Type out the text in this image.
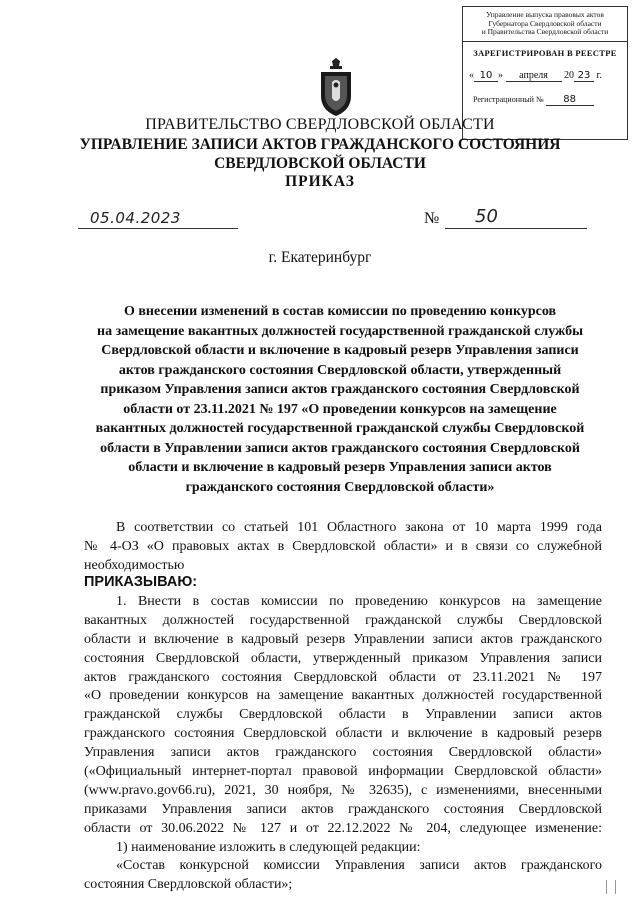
Управление выпуска правовых актов
Губернатора Свердловской области
и Правительства Свердловской области
ЗАРЕГИСТРИРОВАН В РЕЕСТРЕ
« 10 » апреля 20 23 г.
Регистрационный № 88
ПРАВИТЕЛЬСТВО СВЕРДЛОВСКОЙ ОБЛАСТИ
УПРАВЛЕНИЕ ЗАПИСИ АКТОВ ГРАЖДАНСКОГО СОСТОЯНИЯ
СВЕРДЛОВСКОЙ ОБЛАСТИ
ПРИКАЗ
05.04.2023	№ 50
г. Екатеринбург
О внесении изменений в состав комиссии по проведению конкурсов
на замещение вакантных должностей государственной гражданской службы
Свердловской области и включение в кадровый резерв Управления записи
актов гражданского состояния Свердловской области, утвержденный
приказом Управления записи актов гражданского состояния Свердловской
области от 23.11.2021 № 197 «О проведении конкурсов на замещение
вакантных должностей государственной гражданской службы Свердловской
области в Управлении записи актов гражданского состояния Свердловской
области и включение в кадровый резерв Управления записи актов
гражданского состояния Свердловской области»
В соответствии со статьей 101 Областного закона от 10 марта 1999 года
№ 4-ОЗ «О правовых актах в Свердловской области» и в связи со служебной
необходимостью
ПРИКАЗЫВАЮ:
1. Внести в состав комиссии по проведению конкурсов на замещение
вакантных должностей государственной гражданской службы Свердловской
области и включение в кадровый резерв Управлении записи актов гражданского
состояния Свердловской области, утвержденный приказом Управления записи
актов гражданского состояния Свердловской области от 23.11.2021 № 197
«О проведении конкурсов на замещение вакантных должностей государственной
гражданской службы Свердловской области в Управлении записи актов
гражданского состояния Свердловской области и включение в кадровый резерв
Управления записи актов гражданского состояния Свердловской области»
(«Официальный интернет-портал правовой информации Свердловской области»
(www.pravo.gov66.ru), 2021, 30 ноября, № 32635), с изменениями, внесенными
приказами Управления записи актов гражданского состояния Свердловской
области от 30.06.2022 № 127 и от 22.12.2022 № 204, следующее изменение:
1) наименование изложить в следующей редакции:
«Состав конкурсной комиссии Управления записи актов гражданского
состояния Свердловской области»;
